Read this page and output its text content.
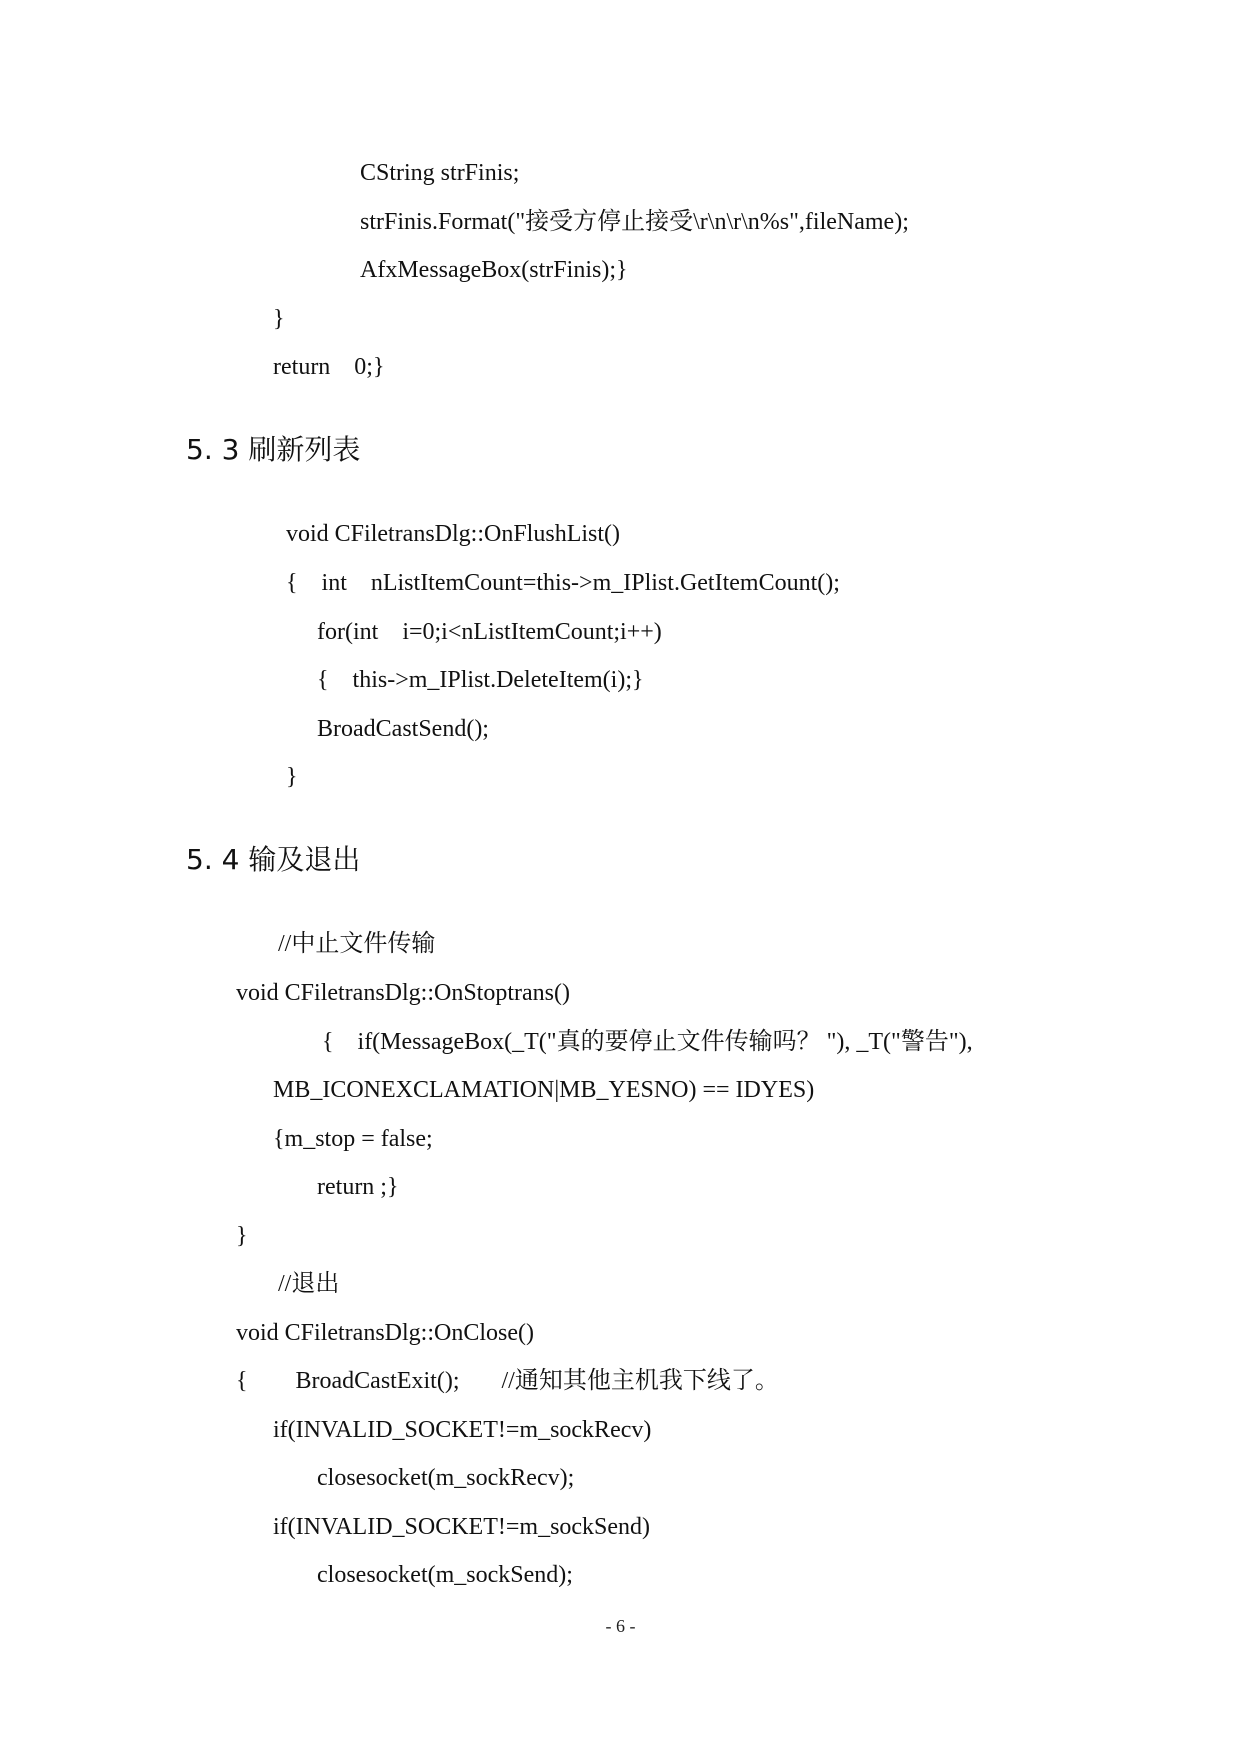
CString strFinis;
strFinis.Format("接受方停止接受\r\n\r\n%s",fileName);
AfxMessageBox(strFinis);}
}
return    0;}
5. 3 刷新列表
void CFiletransDlg::OnFlushList()
{    int    nListItemCount=this->m_IPlist.GetItemCount();
for(int    i=0;i<nListItemCount;i++)
{    this->m_IPlist.DeleteItem(i);}
BroadCastSend();
}
5. 4 输及退出
//中止文件传输
void CFiletransDlg::OnStoptrans()
{    if(MessageBox(_T("真的要停止文件传输吗？ "), _T("警告"),
MB_ICONEXCLAMATION|MB_YESNO) == IDYES)
{m_stop = false;
return ;}
}
//退出
void CFiletransDlg::OnClose()
{        BroadCastExit();       //通知其他主机我下线了。
if(INVALID_SOCKET!=m_sockRecv)
closesocket(m_sockRecv);
if(INVALID_SOCKET!=m_sockSend)
closesocket(m_sockSend);
- 6 -
